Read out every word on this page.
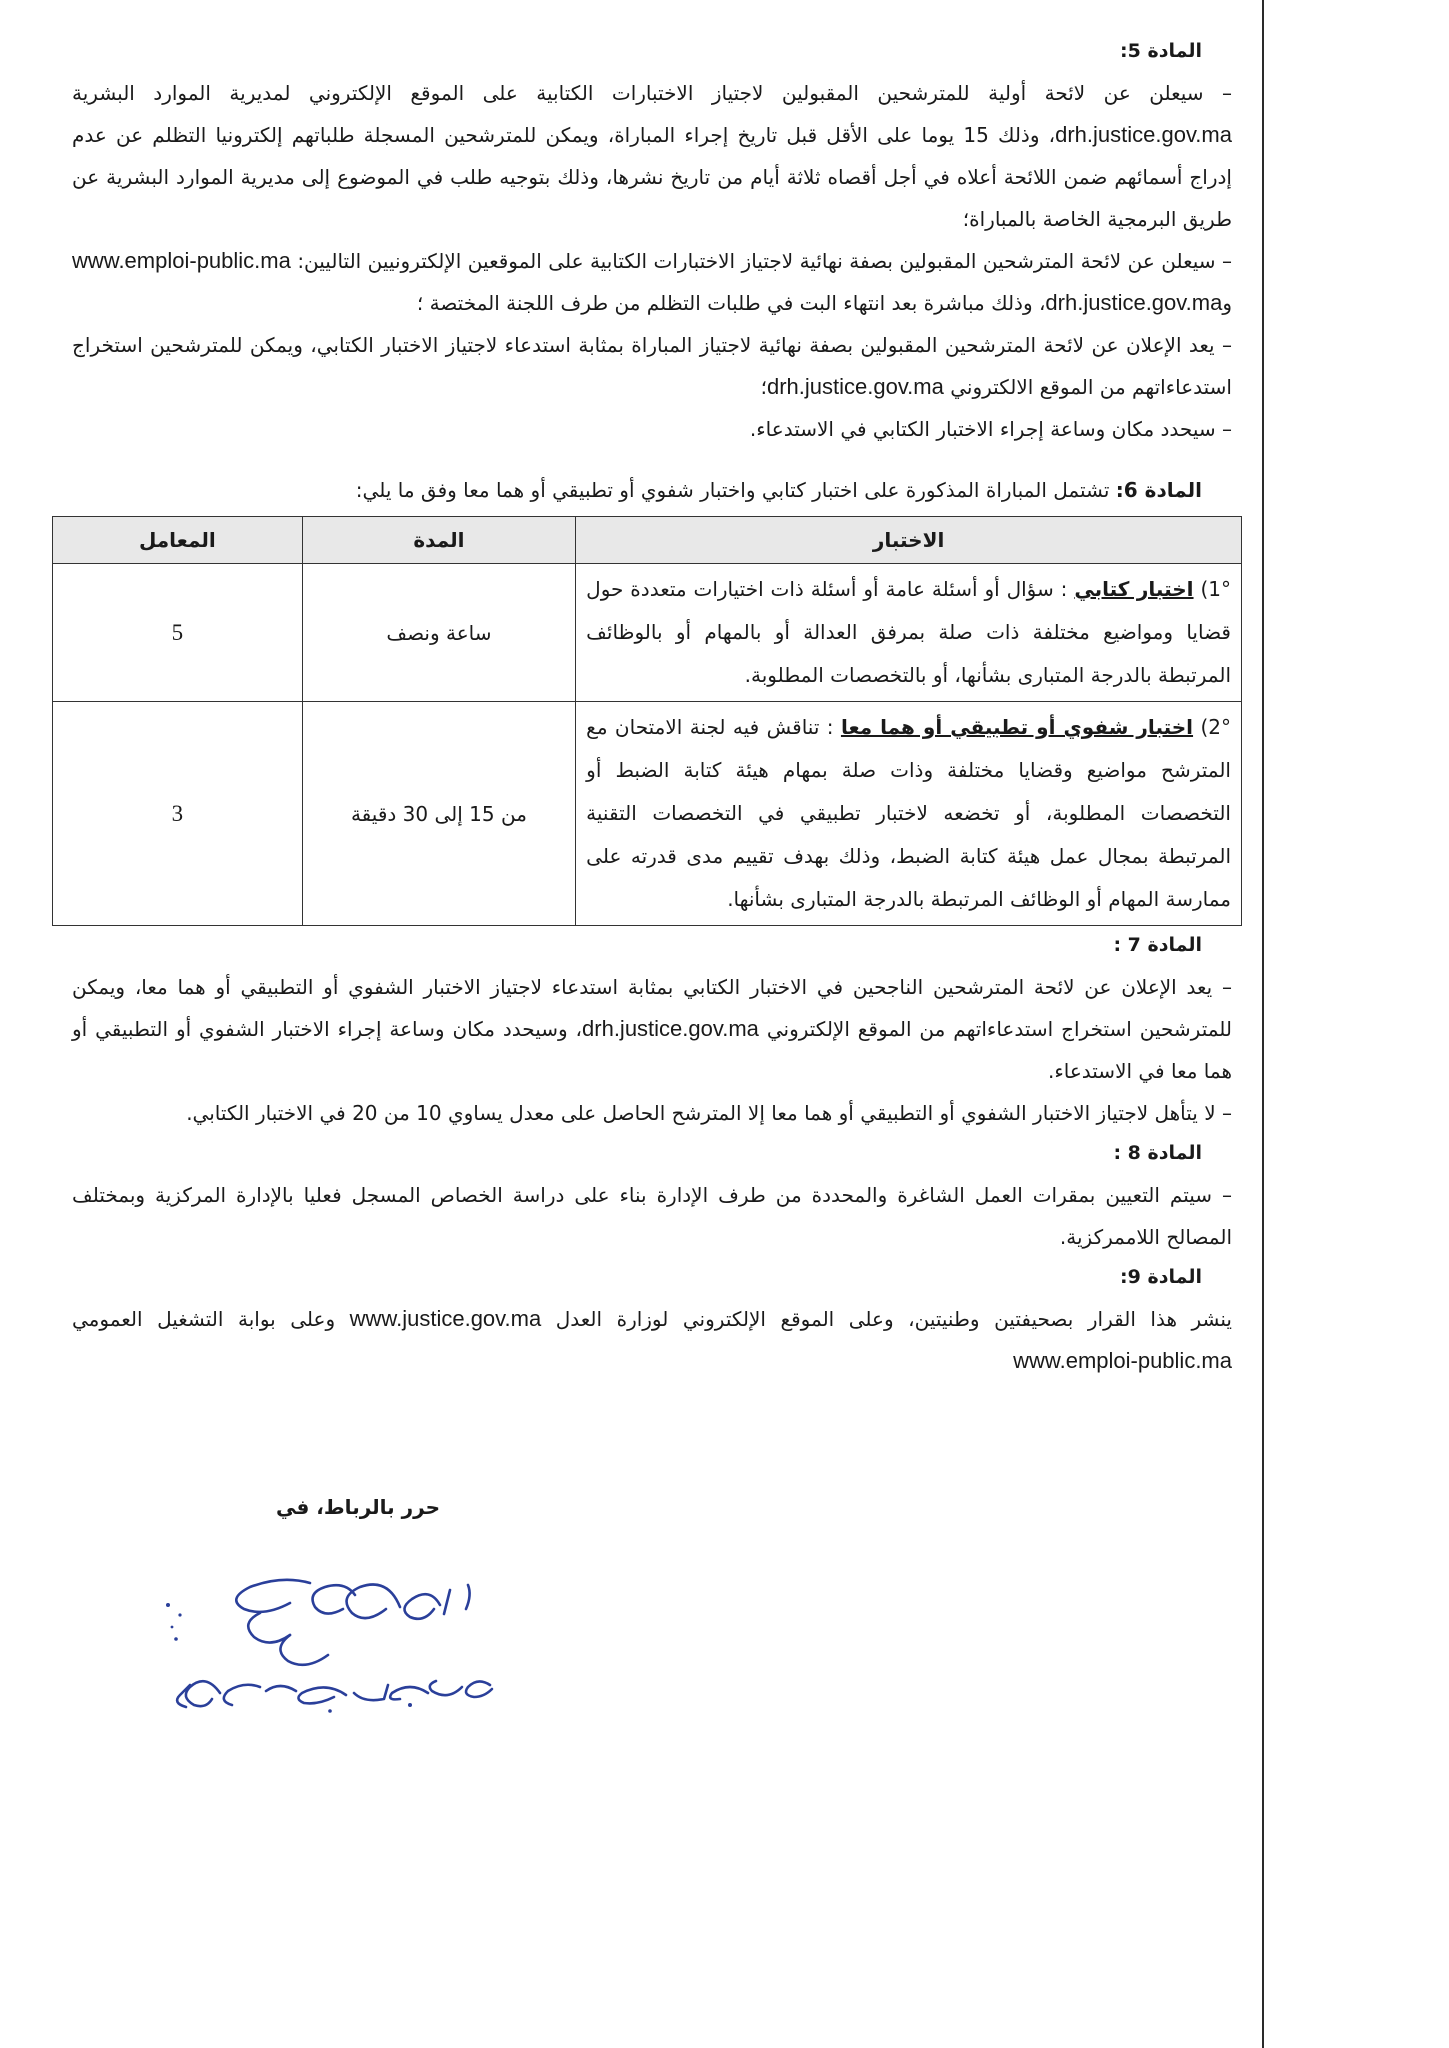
المادة 5:

– سيعلن عن لائحة أولية للمترشحين المقبولين لاجتياز الاختبارات الكتابية على الموقع الإلكتروني لمديرية الموارد البشرية drh.justice.gov.ma، وذلك 15 يوما على الأقل قبل تاريخ إجراء المباراة، ويمكن للمترشحين المسجلة طلباتهم إلكترونيا التظلم عن عدم إدراج أسمائهم ضمن اللائحة أعلاه في أجل أقصاه ثلاثة أيام من تاريخ نشرها، وذلك بتوجيه طلب في الموضوع إلى مديرية الموارد البشرية عن طريق البرمجية الخاصة بالمباراة؛

– سيعلن عن لائحة المترشحين المقبولين بصفة نهائية لاجتياز الاختبارات الكتابية على الموقعين الإلكترونيين التاليين: www.emploi-public.ma وdrh.justice.gov.ma، وذلك مباشرة بعد انتهاء البت في طلبات التظلم من طرف اللجنة المختصة ؛

– يعد الإعلان عن لائحة المترشحين المقبولين بصفة نهائية لاجتياز المباراة بمثابة استدعاء لاجتياز الاختبار الكتابي، ويمكن للمترشحين استخراج استدعاءاتهم من الموقع الالكتروني drh.justice.gov.ma؛

– سيحدد مكان وساعة إجراء الاختبار الكتابي في الاستدعاء.

المادة 6: تشتمل المباراة المذكورة على اختبار كتابي واختبار شفوي أو تطبيقي أو هما معا وفق ما يلي:
الاختبار	المدة	المعامل
1°) اختبار كتابي : سؤال أو أسئلة عامة أو أسئلة ذات اختيارات متعددة حول قضايا ومواضيع مختلفة ذات صلة بمرفق العدالة أو بالمهام أو بالوظائف المرتبطة بالدرجة المتبارى بشأنها، أو بالتخصصات المطلوبة.	ساعة ونصف	5
2°) اختبار شفوي أو تطبيقي أو هما معا : تناقش فيه لجنة الامتحان مع المترشح مواضيع وقضايا مختلفة وذات صلة بمهام هيئة كتابة الضبط أو التخصصات المطلوبة، أو تخضعه لاختبار تطبيقي في التخصصات التقنية المرتبطة بمجال عمل هيئة كتابة الضبط، وذلك بهدف تقييم مدى قدرته على ممارسة المهام أو الوظائف المرتبطة بالدرجة المتبارى بشأنها.	من 15 إلى 30 دقيقة	3
المادة 7 :

– يعد الإعلان عن لائحة المترشحين الناجحين في الاختبار الكتابي بمثابة استدعاء لاجتياز الاختبار الشفوي أو التطبيقي أو هما معا، ويمكن للمترشحين استخراج استدعاءاتهم من الموقع الإلكتروني drh.justice.gov.ma، وسيحدد مكان وساعة إجراء الاختبار الشفوي أو التطبيقي أو هما معا في الاستدعاء.

– لا يتأهل لاجتياز الاختبار الشفوي أو التطبيقي أو هما معا إلا المترشح الحاصل على معدل يساوي 10 من 20 في الاختبار الكتابي.

المادة 8 :

– سيتم التعيين بمقرات العمل الشاغرة والمحددة من طرف الإدارة بناء على دراسة الخصاص المسجل فعليا بالإدارة المركزية وبمختلف المصالح اللاممركزية.

المادة 9:

ينشر هذا القرار بصحيفتين وطنيتين، وعلى الموقع الإلكتروني لوزارة العدل www.justice.gov.ma وعلى بوابة التشغيل العمومي www.emploi-public.ma

حرر بالرباط، في
